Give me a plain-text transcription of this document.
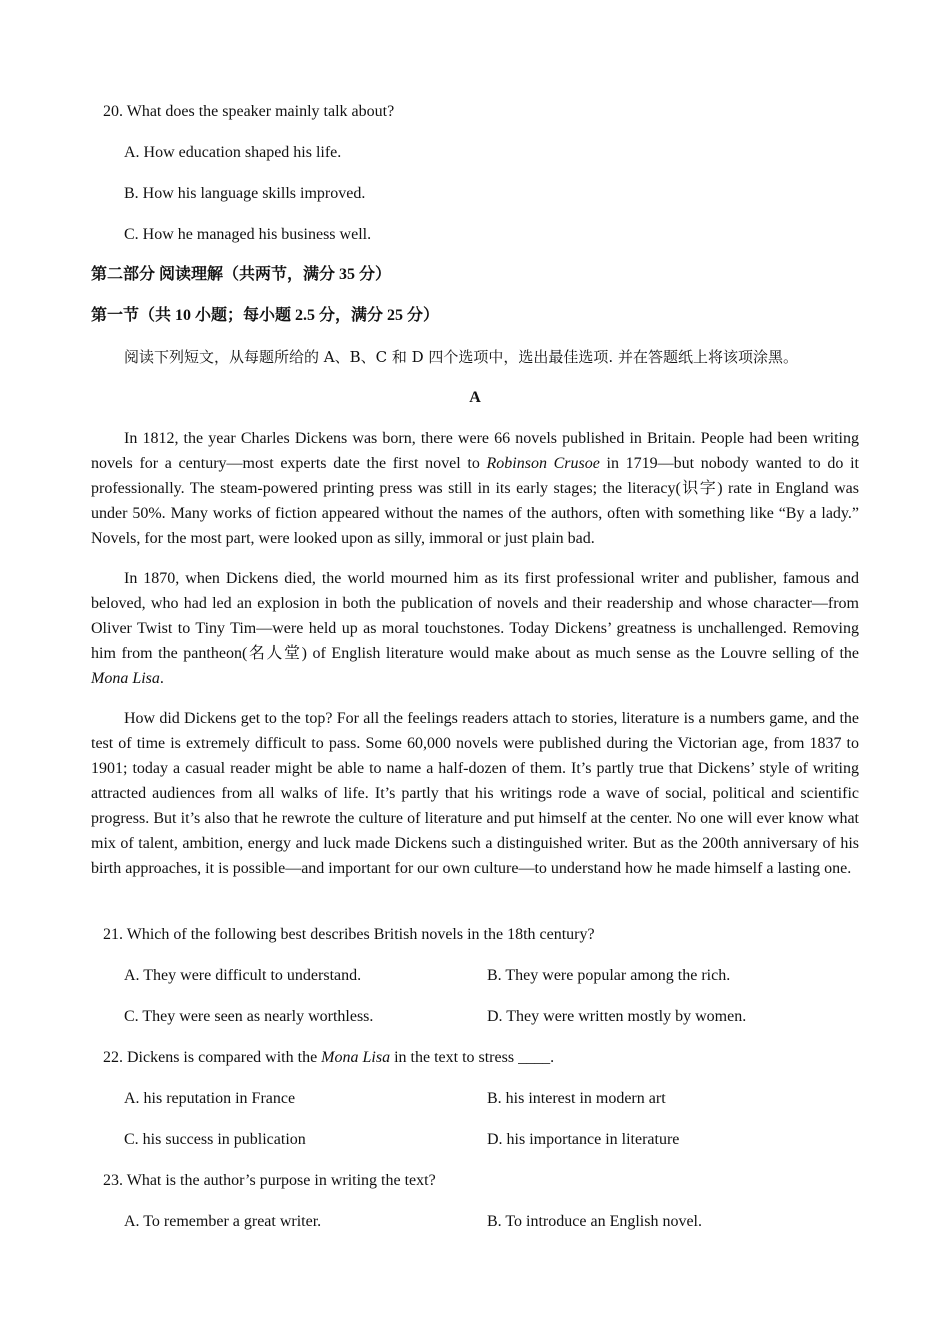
20. What does the speaker mainly talk about?
A. How education shaped his life.
B. How his language skills improved.
C. How he managed his business well.
第二部分 阅读理解（共两节，满分 35 分）
第一节（共 10 小题；每小题 2.5 分，满分 25 分）
阅读下列短文，从每题所给的 A、B、C 和 D 四个选项中，选出最佳选项. 并在答题纸上将该项涂黑。
A
In 1812, the year Charles Dickens was born, there were 66 novels published in Britain. People had been writing novels for a century—most experts date the first novel to Robinson Crusoe in 1719—but nobody wanted to do it professionally. The steam-powered printing press was still in its early stages; the literacy(识字) rate in England was under 50%. Many works of fiction appeared without the names of the authors, often with something like “By a lady.” Novels, for the most part, were looked upon as silly, immoral or just plain bad.
In 1870, when Dickens died, the world mourned him as its first professional writer and publisher, famous and beloved, who had led an explosion in both the publication of novels and their readership and whose character—from Oliver Twist to Tiny Tim—were held up as moral touchstones. Today Dickens’ greatness is unchallenged. Removing him from the pantheon(名人堂) of English literature would make about as much sense as the Louvre selling of the Mona Lisa.
How did Dickens get to the top? For all the feelings readers attach to stories, literature is a numbers game, and the test of time is extremely difficult to pass. Some 60,000 novels were published during the Victorian age, from 1837 to 1901; today a casual reader might be able to name a half-dozen of them. It’s partly true that Dickens’ style of writing attracted audiences from all walks of life. It’s partly that his writings rode a wave of social, political and scientific progress. But it’s also that he rewrote the culture of literature and put himself at the center. No one will ever know what mix of talent, ambition, energy and luck made Dickens such a distinguished writer. But as the 200th anniversary of his birth approaches, it is possible—and important for our own culture—to understand how he made himself a lasting one.
21. Which of the following best describes British novels in the 18th century?
A. They were difficult to understand.	B. They were popular among the rich.
C. They were seen as nearly worthless.	D. They were written mostly by women.
22. Dickens is compared with the Mona Lisa in the text to stress ____.
A. his reputation in France	B. his interest in modern art
C. his success in publication	D. his importance in literature
23. What is the author’s purpose in writing the text?
A. To remember a great writer.	B. To introduce an English novel.
